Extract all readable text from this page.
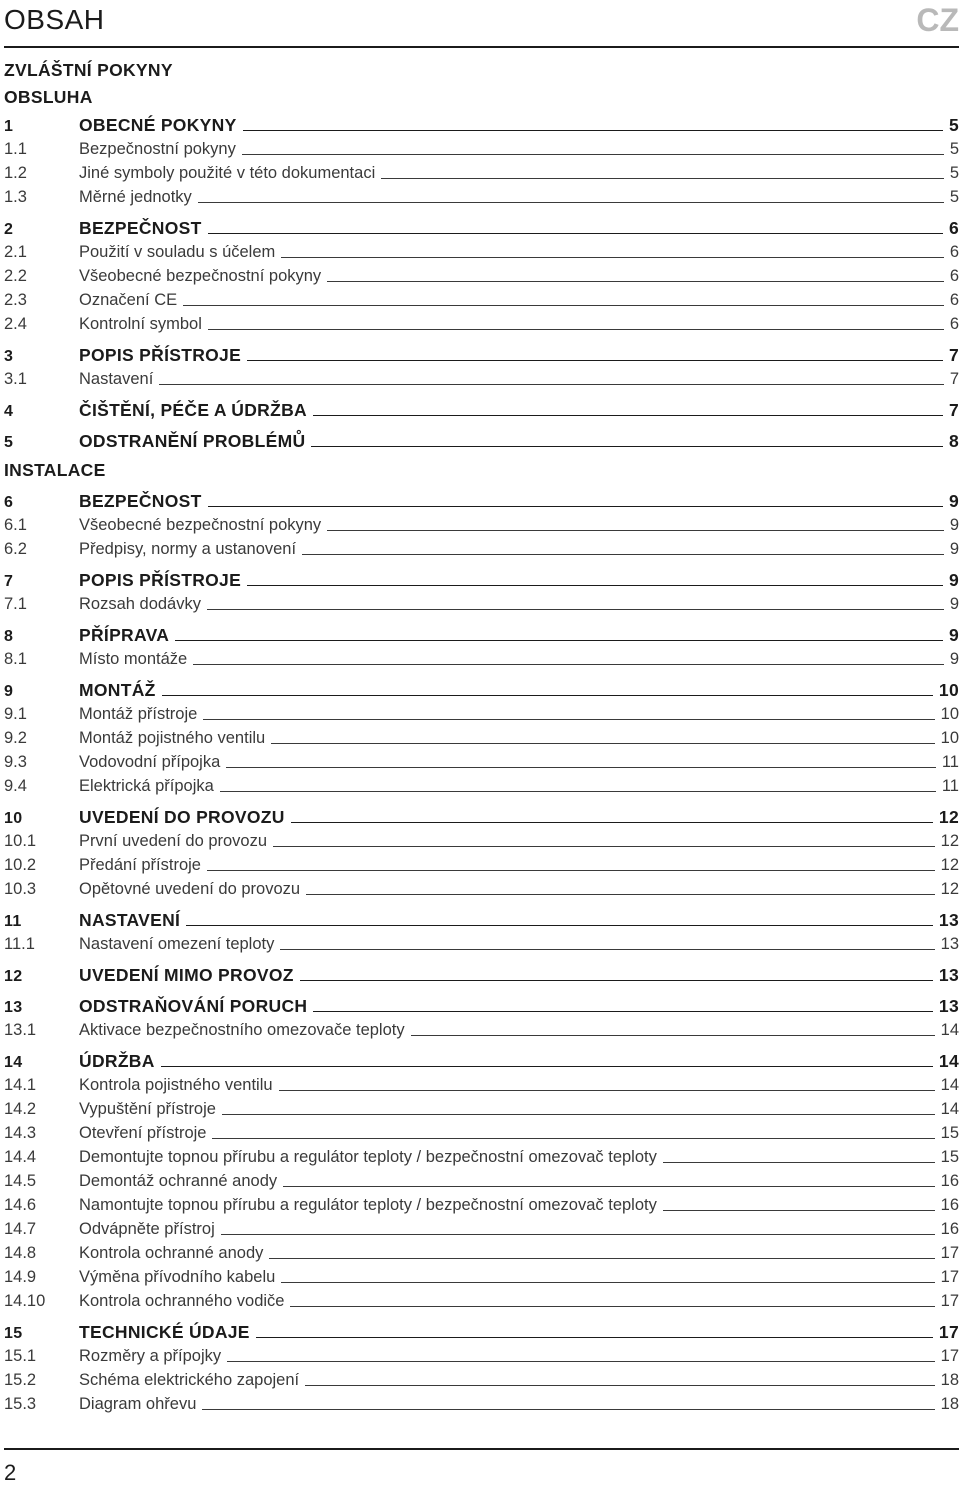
OBSAH	CZ
ZVLÁŠTNÍ POKYNY
OBSLUHA
1	OBECNÉ POKYNY	5
1.1	Bezpečnostní pokyny	5
1.2	Jiné symboly použité v této dokumentaci	5
1.3	Měrné jednotky	5
2	BEZPEČNOST	6
2.1	Použití v souladu s účelem	6
2.2	Všeobecné bezpečnostní pokyny	6
2.3	Označení CE	6
2.4	Kontrolní symbol	6
3	POPIS PŘÍSTROJE	7
3.1	Nastavení	7
4	ČIŠTĚNÍ, PÉČE A ÚDRŽBA	7
5	ODSTRANĚNÍ PROBLÉMŮ	8
INSTALACE
6	BEZPEČNOST	9
6.1	Všeobecné bezpečnostní pokyny	9
6.2	Předpisy, normy a ustanovení	9
7	POPIS PŘÍSTROJE	9
7.1	Rozsah dodávky	9
8	PŘÍPRAVA	9
8.1	Místo montáže	9
9	MONTÁŽ	10
9.1	Montáž přístroje	10
9.2	Montáž pojistného ventilu	10
9.3	Vodovodní přípojka	11
9.4	Elektrická přípojka	11
10	UVEDENÍ DO PROVOZU	12
10.1	První uvedení do provozu	12
10.2	Předání přístroje	12
10.3	Opětovné uvedení do provozu	12
11	NASTAVENÍ	13
11.1	Nastavení omezení teploty	13
12	UVEDENÍ MIMO PROVOZ	13
13	ODSTRAŇOVÁNÍ PORUCH	13
13.1	Aktivace bezpečnostního omezovače teploty	14
14	ÚDRŽBA	14
14.1	Kontrola pojistného ventilu	14
14.2	Vypuštění přístroje	14
14.3	Otevření přístroje	15
14.4	Demontujte topnou přírubu a regulátor teploty / bezpečnostní omezovač teploty	15
14.5	Demontáž ochranné anody	16
14.6	Namontujte topnou přírubu a regulátor teploty / bezpečnostní omezovač teploty	16
14.7	Odvápněte přístroj	16
14.8	Kontrola ochranné anody	17
14.9	Výměna přívodního kabelu	17
14.10	Kontrola ochranného vodiče	17
15	TECHNICKÉ ÚDAJE	17
15.1	Rozměry a přípojky	17
15.2	Schéma elektrického zapojení	18
15.3	Diagram ohřevu	18
2
